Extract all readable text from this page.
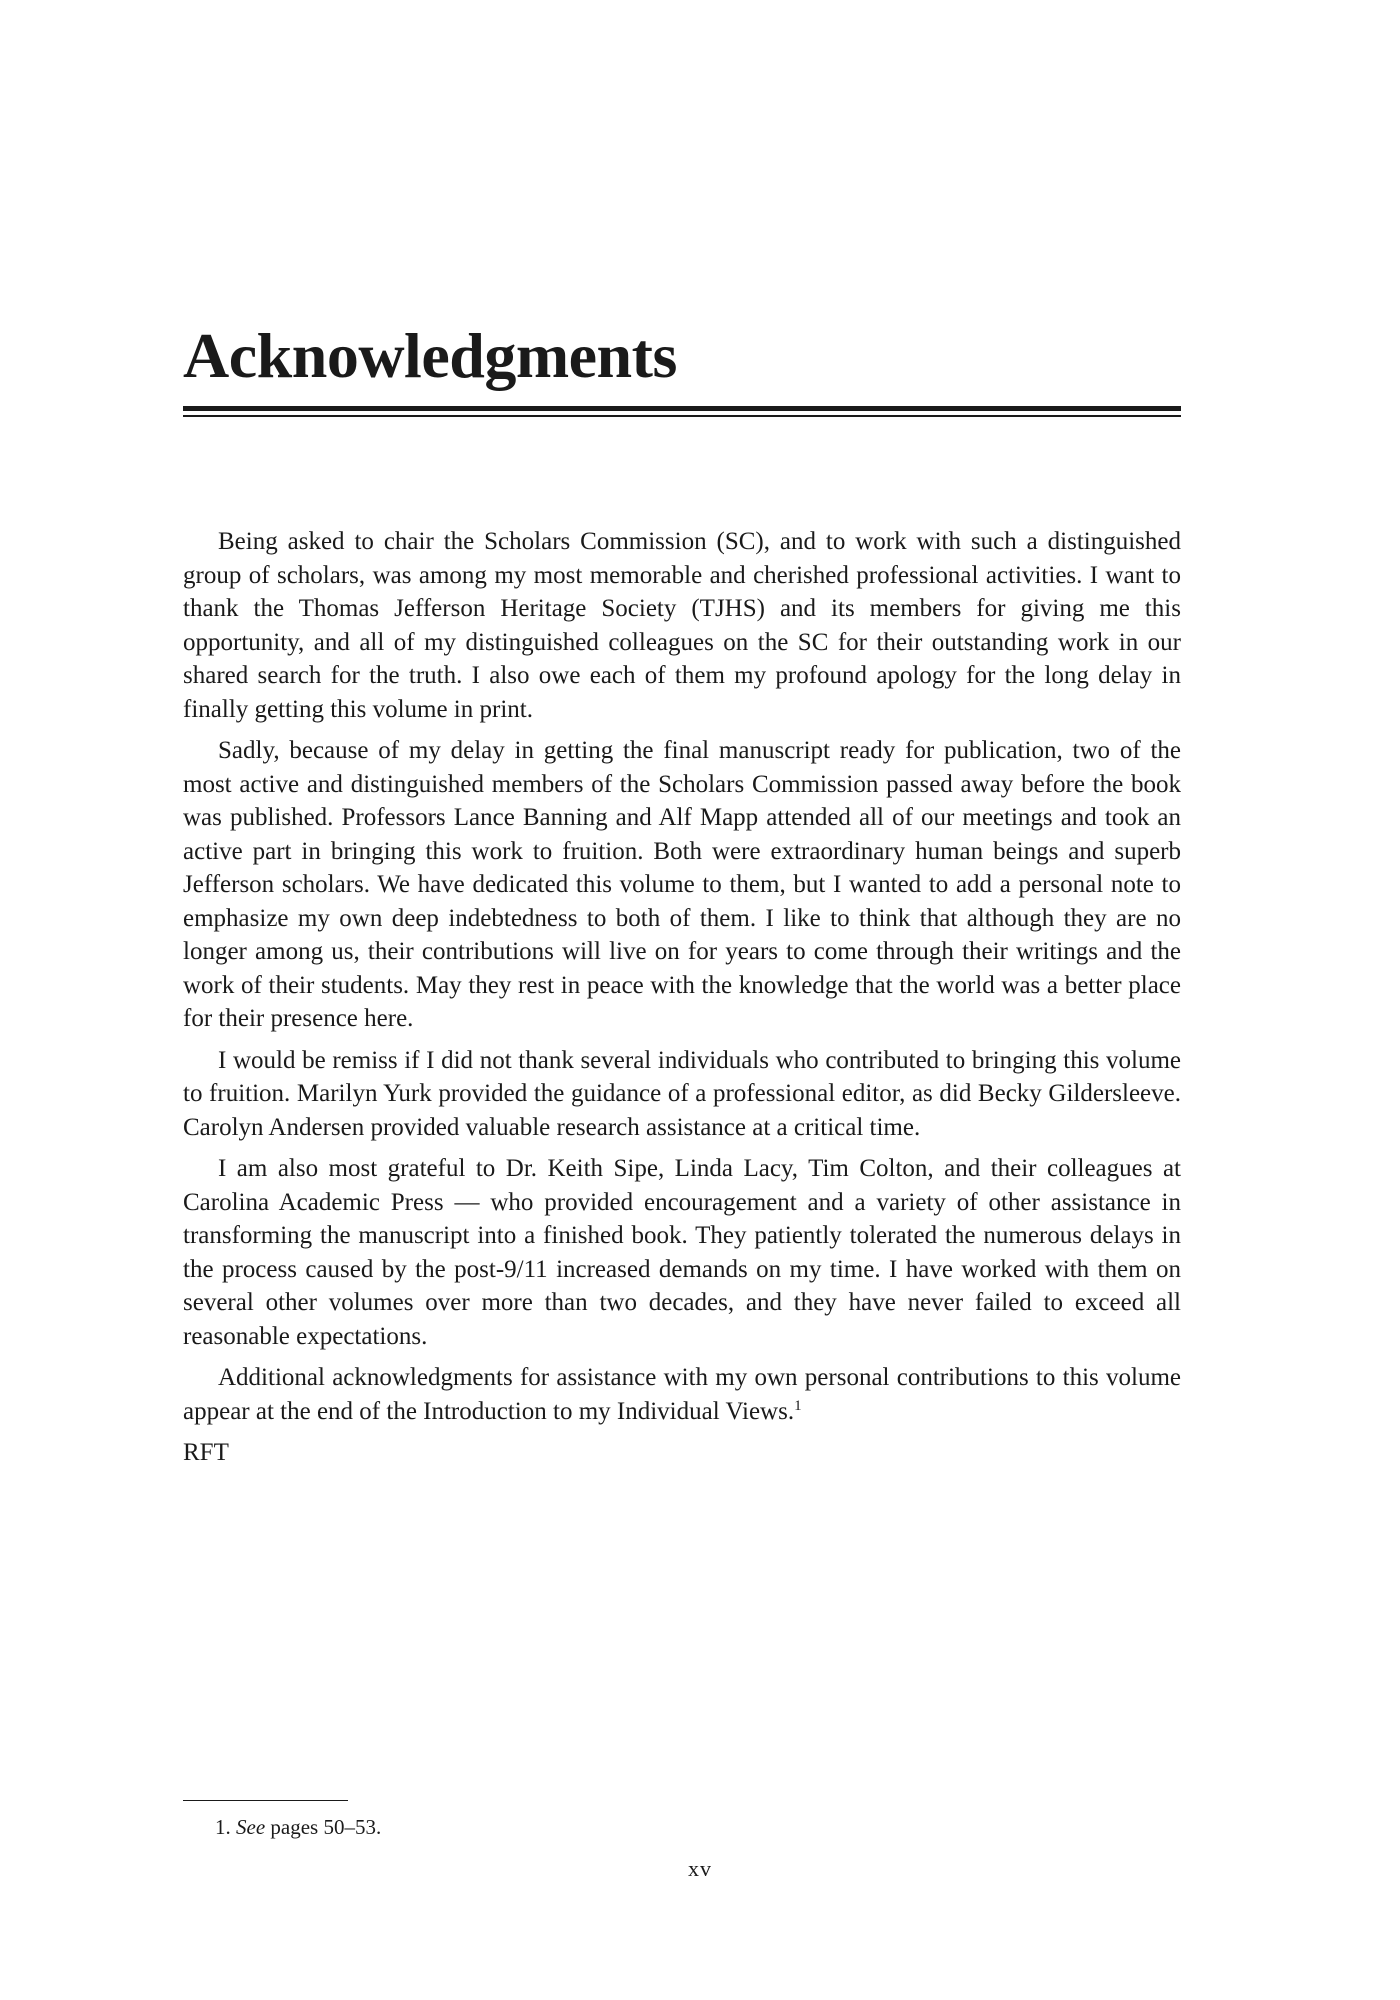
Acknowledgments

Being asked to chair the Scholars Commission (SC), and to work with such a distinguished group of scholars, was among my most memorable and cherished professional activities. I want to thank the Thomas Jefferson Heritage Society (TJHS) and its members for giving me this opportunity, and all of my distinguished colleagues on the SC for their outstanding work in our shared search for the truth. I also owe each of them my profound apology for the long delay in finally getting this volume in print.

Sadly, because of my delay in getting the final manuscript ready for publication, two of the most active and distinguished members of the Scholars Commission passed away before the book was published. Professors Lance Banning and Alf Mapp attended all of our meetings and took an active part in bringing this work to fruition. Both were extraordinary human beings and superb Jefferson scholars. We have dedicated this volume to them, but I wanted to add a personal note to emphasize my own deep indebtedness to both of them. I like to think that although they are no longer among us, their contributions will live on for years to come through their writings and the work of their students. May they rest in peace with the knowledge that the world was a better place for their presence here.

I would be remiss if I did not thank several individuals who contributed to bringing this volume to fruition. Marilyn Yurk provided the guidance of a professional editor, as did Becky Gildersleeve. Carolyn Andersen provided valuable research assistance at a critical time.

I am also most grateful to Dr. Keith Sipe, Linda Lacy, Tim Colton, and their colleagues at Carolina Academic Press — who provided encouragement and a variety of other assistance in transforming the manuscript into a finished book. They patiently tolerated the numerous delays in the process caused by the post-9/11 increased demands on my time. I have worked with them on several other volumes over more than two decades, and they have never failed to exceed all reasonable expectations.

Additional acknowledgments for assistance with my own personal contributions to this volume appear at the end of the Introduction to my Individual Views.$^1$

RFT

1. See pages 50–53.
xv
